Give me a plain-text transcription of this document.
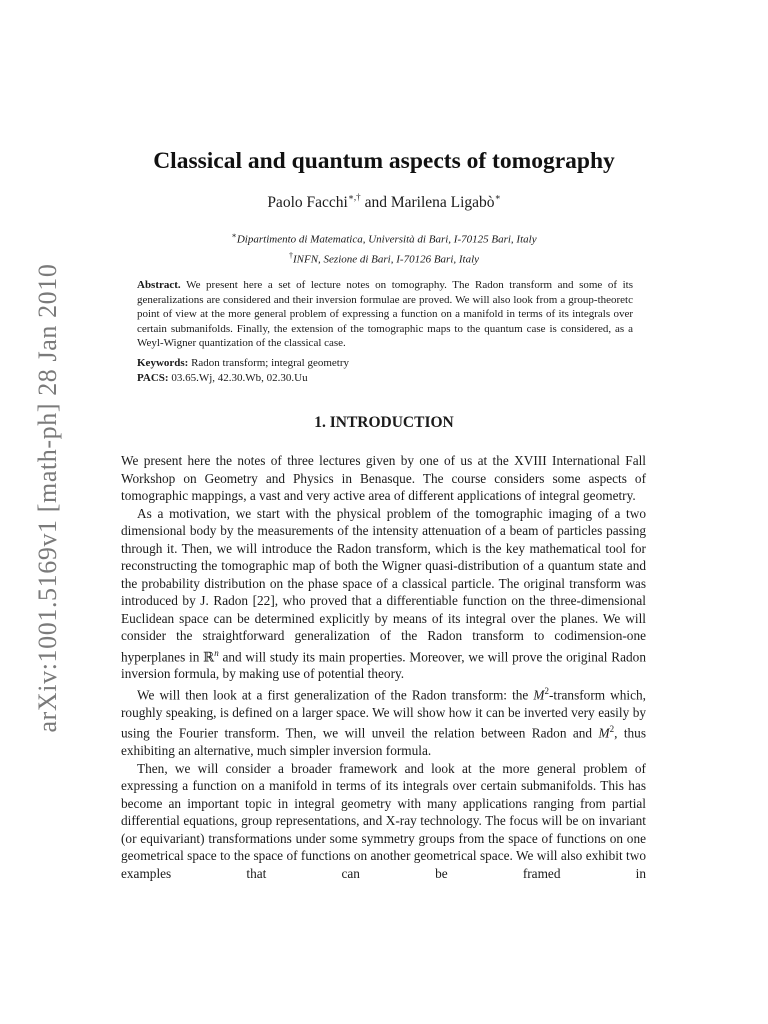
arXiv:1001.5169v1 [math-ph] 28 Jan 2010
Classical and quantum aspects of tomography
Paolo Facchi∗,† and Marilena Ligabò∗
∗Dipartimento di Matematica, Università di Bari, I-70125 Bari, Italy
†INFN, Sezione di Bari, I-70126 Bari, Italy
Abstract. We present here a set of lecture notes on tomography. The Radon transform and some of its generalizations are considered and their inversion formulae are proved. We will also look from a group-theoretc point of view at the more general problem of expressing a function on a manifold in terms of its integrals over certain submanifolds. Finally, the extension of the tomographic maps to the quantum case is considered, as a Weyl-Wigner quantization of the classical case.
Keywords: Radon transform; integral geometry
PACS: 03.65.Wj, 42.30.Wb, 02.30.Uu
1. INTRODUCTION

We present here the notes of three lectures given by one of us at the XVIII International Fall Workshop on Geometry and Physics in Benasque. The course considers some aspects of tomographic mappings, a vast and very active area of different applications of integral geometry.

As a motivation, we start with the physical problem of the tomographic imaging of a two dimensional body by the measurements of the intensity attenuation of a beam of particles passing through it. Then, we will introduce the Radon transform, which is the key mathematical tool for reconstructing the tomographic map of both the Wigner quasi-distribution of a quantum state and the probability distribution on the phase space of a classical particle. The original transform was introduced by J. Radon [22], who proved that a differentiable function on the three-dimensional Euclidean space can be determined explicitly by means of its integral over the planes. We will consider the straightforward generalization of the Radon transform to codimension-one hyperplanes in ℝ$^n$ and will study its main properties. Moreover, we will prove the original Radon inversion formula, by making use of potential theory.

We will then look at a first generalization of the Radon transform: the $M^2$-transform which, roughly speaking, is defined on a larger space. We will show how it can be inverted very easily by using the Fourier transform. Then, we will unveil the relation between Radon and $M^2$, thus exhibiting an alternative, much simpler inversion formula.

Then, we will consider a broader framework and look at the more general problem of expressing a function on a manifold in terms of its integrals over certain submanifolds. This has become an important topic in integral geometry with many applications ranging from partial differential equations, group representations, and X-ray technology. The focus will be on invariant (or equivariant) transformations under some symmetry groups from the space of functions on one geometrical space to the space of functions on another geometrical space. We will also exhibit two examples that can be framed in
